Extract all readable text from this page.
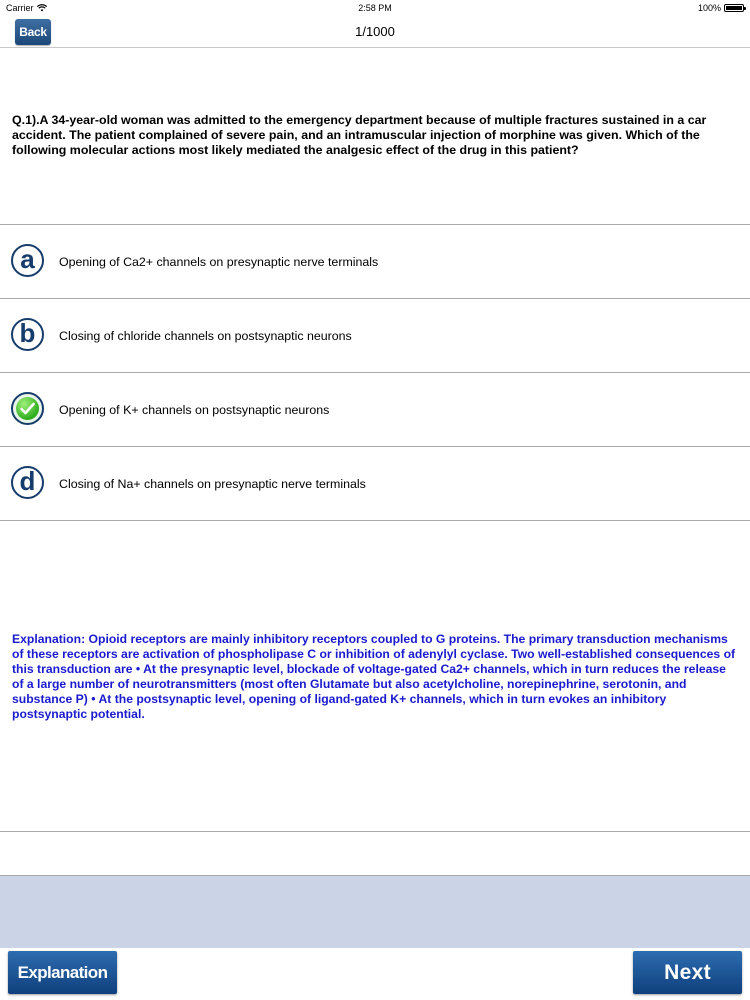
Carrier	2:58 PM	100%
Back	1/1000
Q.1).A 34-year-old woman was admitted to the emergency department because of multiple fractures sustained in a car accident. The patient complained of severe pain, and an intramuscular injection of morphine was given. Which of the following molecular actions most likely mediated the analgesic effect of the drug in this patient?
a Opening of Ca2+ channels on presynaptic nerve terminals
b Closing of chloride channels on postsynaptic neurons
Opening of K+ channels on postsynaptic neurons
d Closing of Na+ channels on presynaptic nerve terminals
Explanation: Opioid receptors are mainly inhibitory receptors coupled to G proteins. The primary transduction mechanisms of these receptors are activation of phospholipase C or inhibition of adenylyl cyclase. Two well-established consequences of this transduction are • At the presynaptic level, blockade of voltage-gated Ca2+ channels, which in turn reduces the release of a large number of neurotransmitters (most often Glutamate but also acetylcholine, norepinephrine, serotonin, and substance P) • At the postsynaptic level, opening of ligand-gated K+ channels, which in turn evokes an inhibitory postsynaptic potential.
Explanation	Next
